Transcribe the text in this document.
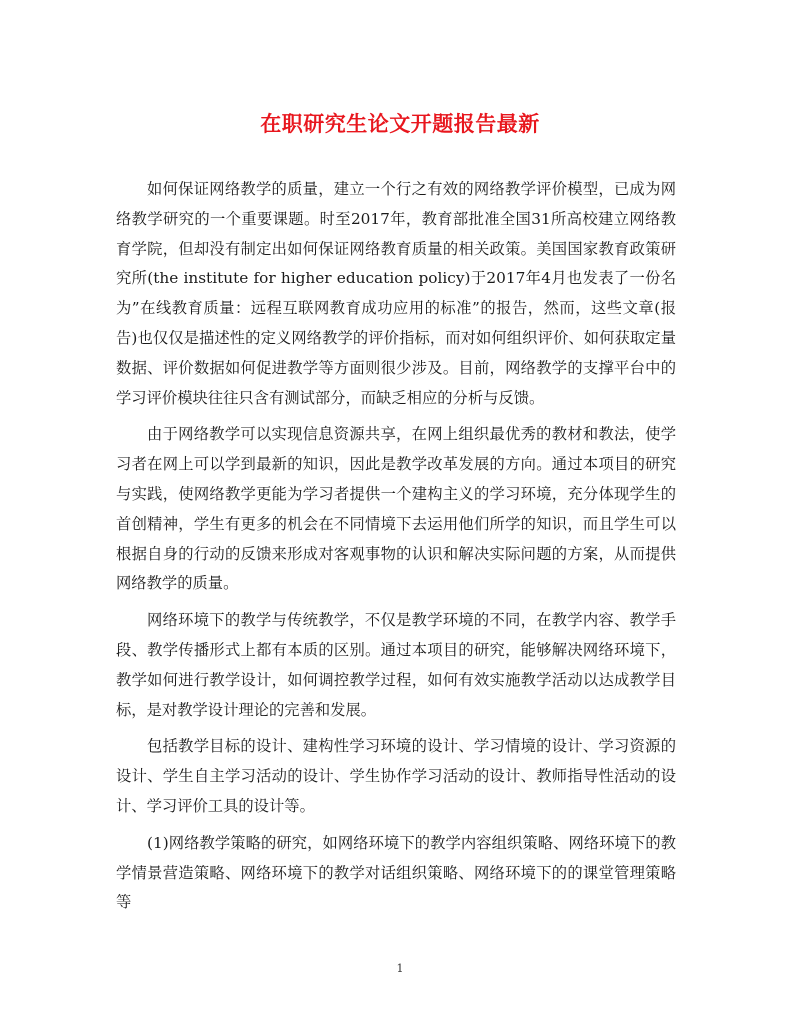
在职研究生论文开题报告最新

如何保证网络教学的质量，建立一个行之有效的网络教学评价模型，已成为网络教学研究的一个重要课题。时至2017年，教育部批准全国31所高校建立网络教育学院，但却没有制定出如何保证网络教育质量的相关政策。美国国家教育政策研究所(the institute for higher education policy)于2017年4月也发表了一份名为”在线教育质量：远程互联网教育成功应用的标准”的报告，然而，这些文章(报告)也仅仅是描述性的定义网络教学的评价指标，而对如何组织评价、如何获取定量数据、评价数据如何促进教学等方面则很少涉及。目前，网络教学的支撑平台中的学习评价模块往往只含有测试部分，而缺乏相应的分析与反馈。

由于网络教学可以实现信息资源共享，在网上组织最优秀的教材和教法，使学习者在网上可以学到最新的知识，因此是教学改革发展的方向。通过本项目的研究与实践，使网络教学更能为学习者提供一个建构主义的学习环境，充分体现学生的首创精神，学生有更多的机会在不同情境下去运用他们所学的知识，而且学生可以根据自身的行动的反馈来形成对客观事物的认识和解决实际问题的方案，从而提供网络教学的质量。

网络环境下的教学与传统教学，不仅是教学环境的不同，在教学内容、教学手段、教学传播形式上都有本质的区别。通过本项目的研究，能够解决网络环境下，教学如何进行教学设计，如何调控教学过程，如何有效实施教学活动以达成教学目标，是对教学设计理论的完善和发展。

包括教学目标的设计、建构性学习环境的设计、学习情境的设计、学习资源的设计、学生自主学习活动的设计、学生协作学习活动的设计、教师指导性活动的设计、学习评价工具的设计等。

(1)网络教学策略的研究，如网络环境下的教学内容组织策略、网络环境下的教学情景营造策略、网络环境下的教学对话组织策略、网络环境下的的课堂管理策略等

1
